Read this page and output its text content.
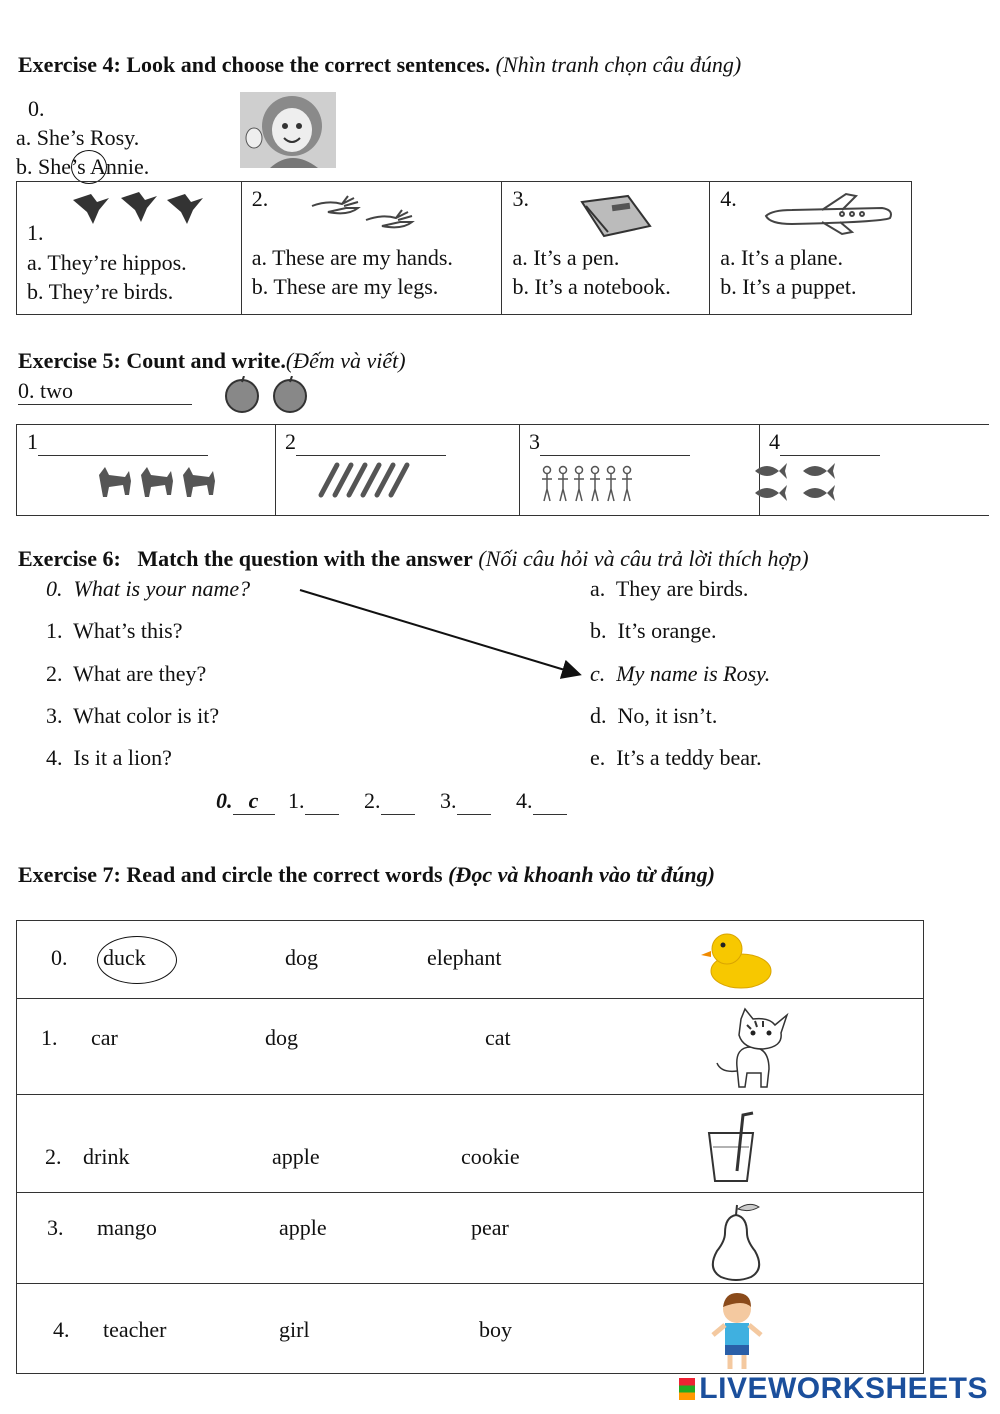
Exercise 4: Look and choose the correct sentences. (Nhìn tranh chọn câu đúng)
0.
a. She’s Rosy.
b. She’s Annie.
1.
a. They’re hippos.
b. They’re birds.

2.
a. These are my hands.
b. These are my legs.

3.
a. It’s a pen.
b. It’s a notebook.

4.
a. It’s a plane.
b. It’s a puppet.
Exercise 5: Count and write.(Đếm và viết)
0. two
1	2	3	4
Exercise 6:   Match the question with the answer (Nối câu hỏi và câu trả lời thích hợp)
0.  What is your name?
1.  What’s this?
2.  What are they?
3.  What color is it?
4.  Is it a lion?
a.  They are birds.
b.  It’s orange.
c.  My name is Rosy.
d.  No, it isn’t.
e.  It’s a teddy bear.
0. c 1.	2.	3.	4.
Exercise 7: Read and circle the correct words (Đọc và khoanh vào từ đúng)
0. duck	dog	elephant
1. car	dog	cat
2. drink	apple	cookie
3. mango	apple	pear
4. teacher	girl	boy
LIVEWORKSHEETS
